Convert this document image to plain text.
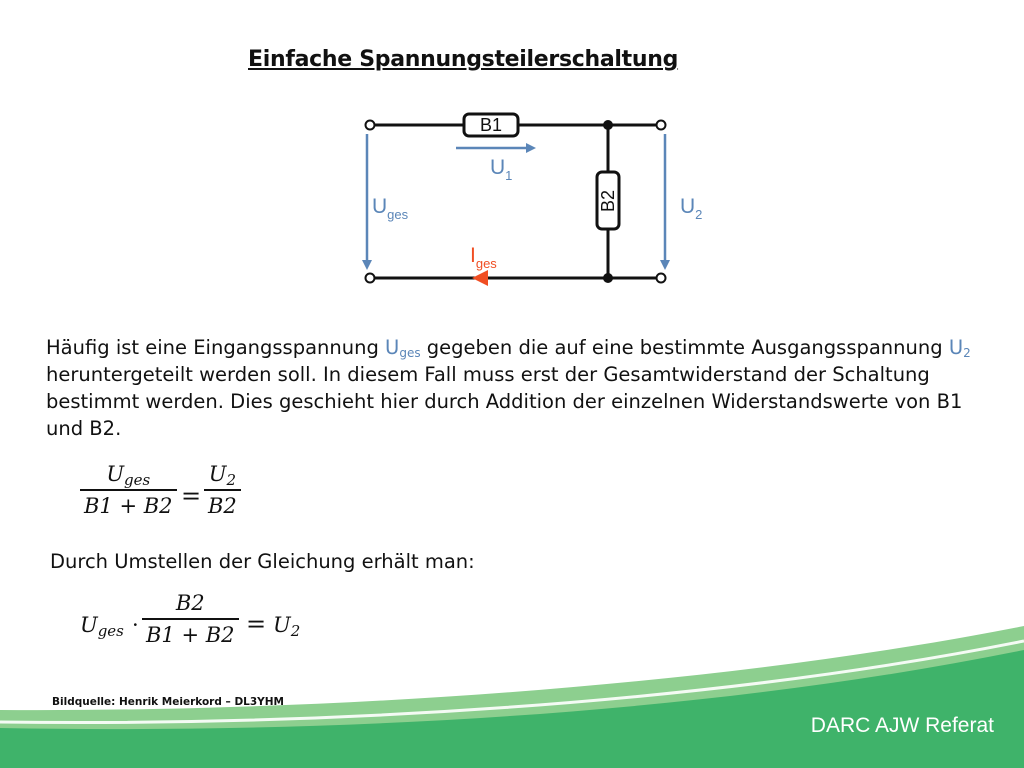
Einfache Spannungsteilerschaltung
B1
B2
$U_1$
$U_{ges}$	$U_2$
$I_{ges}$

Häufig ist eine Eingangsspannung $U_{ges}$ gegeben die auf eine bestimmte Ausgangsspannung $U_2$ heruntergeteilt werden soll. In diesem Fall muss erst der Gesamtwiderstand der Schaltung bestimmt werden. Dies geschieht hier durch Addition der einzelnen Widerstandswerte von B1 und B2.

$U_{ges}$
B1 + B2 =
$U_2$
B2

Durch Umstellen der Gleichung erhält man:

$U_{ges}$ ·
B2
$B1 + B2 = U_2$

Bildquelle: Henrik Meierkord – DL3YHM

DARC AJW Referat
